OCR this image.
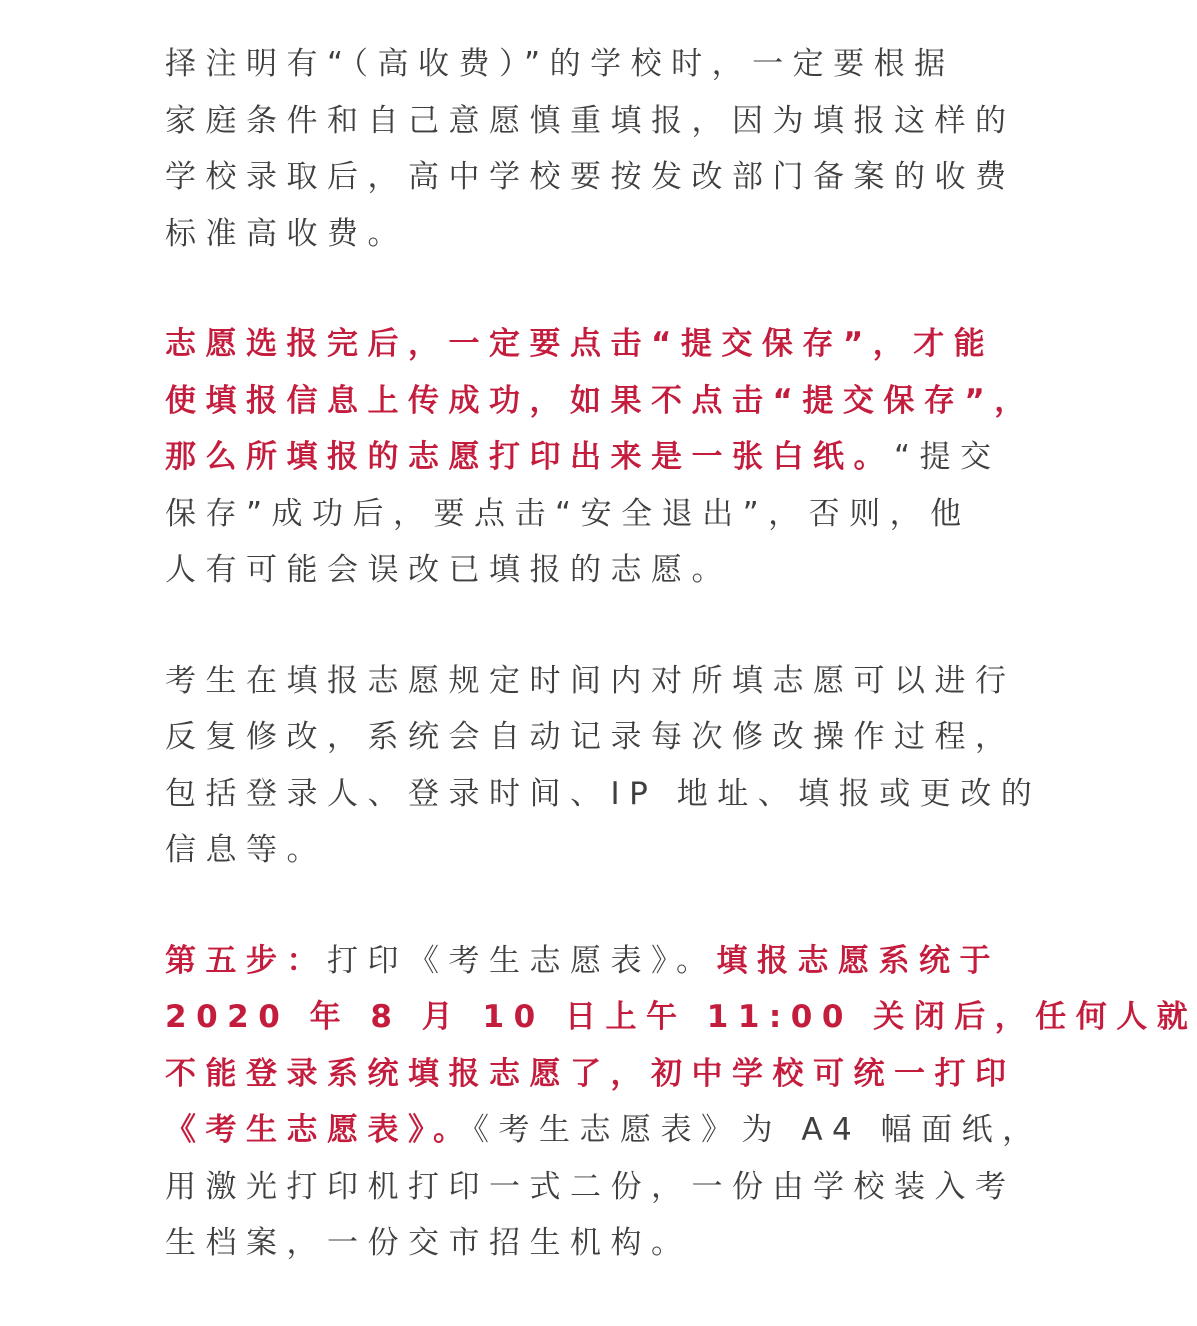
择注明有“（高收费）”的学校时，一定要根据
家庭条件和自己意愿慎重填报，因为填报这样的
学校录取后，高中学校要按发改部门备案的收费
标准高收费。
志愿选报完后，一定要点击“提交保存”，才能
使填报信息上传成功，如果不点击“提交保存”，
那么所填报的志愿打印出来是一张白纸。“提交
保存”成功后，要点击“安全退出”，否则，他
人有可能会误改已填报的志愿。
考生在填报志愿规定时间内对所填志愿可以进行
反复修改，系统会自动记录每次修改操作过程，
包括登录人、登录时间、IP 地址、填报或更改的
信息等。
第五步：打印《考生志愿表》。填报志愿系统于
2020 年 8 月 10 日上午 11:00 关闭后，任何人就
不能登录系统填报志愿了，初中学校可统一打印
《考生志愿表》。《考生志愿表》为 A4 幅面纸，
用激光打印机打印一式二份，一份由学校装入考
生档案，一份交市招生机构。
